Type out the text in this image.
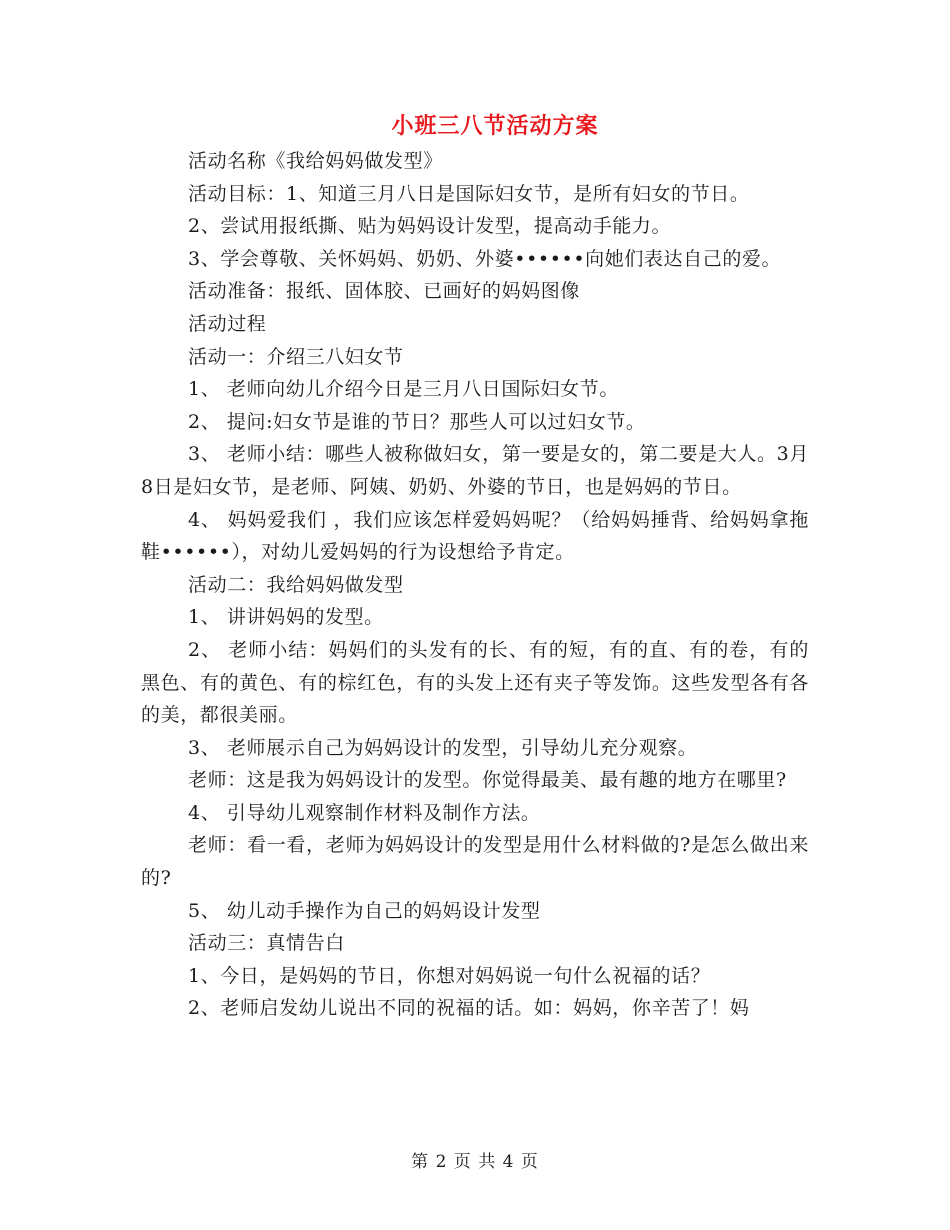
小班三八节活动方案

活动名称《我给妈妈做发型》

活动目标：1、知道三月八日是国际妇女节，是所有妇女的节日。

2、尝试用报纸撕、贴为妈妈设计发型，提高动手能力。

3、学会尊敬、关怀妈妈、奶奶、外婆••••••向她们表达自己的爱。

活动准备：报纸、固体胶、已画好的妈妈图像

活动过程

活动一：介绍三八妇女节

1、 老师向幼儿介绍今日是三月八日国际妇女节。

2、 提问:妇女节是谁的节日？那些人可以过妇女节。

3、 老师小结：哪些人被称做妇女，第一要是女的，第二要是大人。3月8日是妇女节，是老师、阿姨、奶奶、外婆的节日，也是妈妈的节日。

4、 妈妈爱我们 ，我们应该怎样爱妈妈呢？（给妈妈捶背、给妈妈拿拖鞋••••••），对幼儿爱妈妈的行为设想给予肯定。

活动二：我给妈妈做发型

1、 讲讲妈妈的发型。

2、 老师小结：妈妈们的头发有的长、有的短，有的直、有的卷，有的黑色、有的黄色、有的棕红色，有的头发上还有夹子等发饰。这些发型各有各的美，都很美丽。

3、 老师展示自己为妈妈设计的发型，引导幼儿充分观察。

老师：这是我为妈妈设计的发型。你觉得最美、最有趣的地方在哪里?

4、 引导幼儿观察制作材料及制作方法。

老师：看一看，老师为妈妈设计的发型是用什么材料做的?是怎么做出来的?

5、 幼儿动手操作为自己的妈妈设计发型

活动三：真情告白

1、今日，是妈妈的节日，你想对妈妈说一句什么祝福的话？

2、老师启发幼儿说出不同的祝福的话。如：妈妈，你辛苦了！妈

第 2 页 共 4 页
